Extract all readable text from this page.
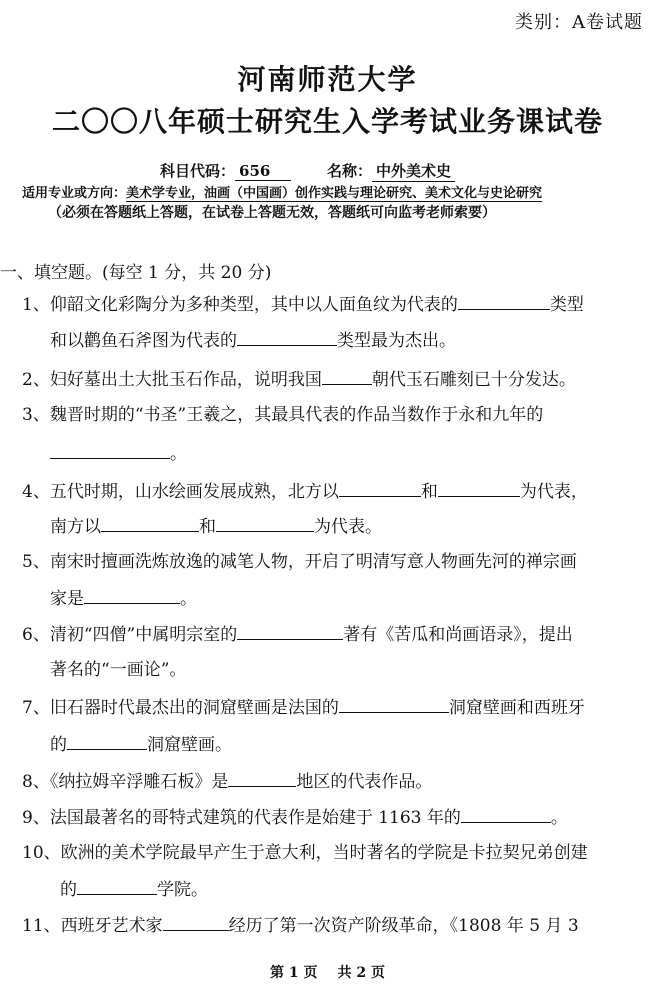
类别：A卷试题
河南师范大学
二〇〇八年硕士研究生入学考试业务课试卷
科目代码： 656	名称： 中外美术史
适用专业或方向：美术学专业，油画（中国画）创作实践与理论研究、美术文化与史论研究
（必须在答题纸上答题，在试卷上答题无效，答题纸可向监考老师索要）
一、填空题。(每空 1 分，共 20 分)
1、仰韶文化彩陶分为多种类型，其中以人面鱼纹为代表的	类型
和以鹳鱼石斧图为代表的	类型最为杰出。
2、妇好墓出土大批玉石作品，说明我国	朝代玉石雕刻已十分发达。
3、魏晋时期的“书圣”王羲之，其最具代表的作品当数作于永和九年的
。
4、五代时期，山水绘画发展成熟，北方以	和	为代表，
南方以	和	为代表。
5、南宋时擅画洗炼放逸的减笔人物，开启了明清写意人物画先河的禅宗画
家是	。
6、清初“四僧”中属明宗室的	著有《苦瓜和尚画语录》，提出
著名的“一画论”。
7、旧石器时代最杰出的洞窟壁画是法国的	洞窟壁画和西班牙
的	洞窟壁画。
8、《纳拉姆辛浮雕石板》是	地区的代表作品。
9、法国最著名的哥特式建筑的代表作是始建于 1163 年的	。
10、欧洲的美术学院最早产生于意大利，当时著名的学院是卡拉契兄弟创建
的	学院。
11、西班牙艺术家	经历了第一次资产阶级革命，《1808 年 5 月 3
第 1 页 共 2 页
